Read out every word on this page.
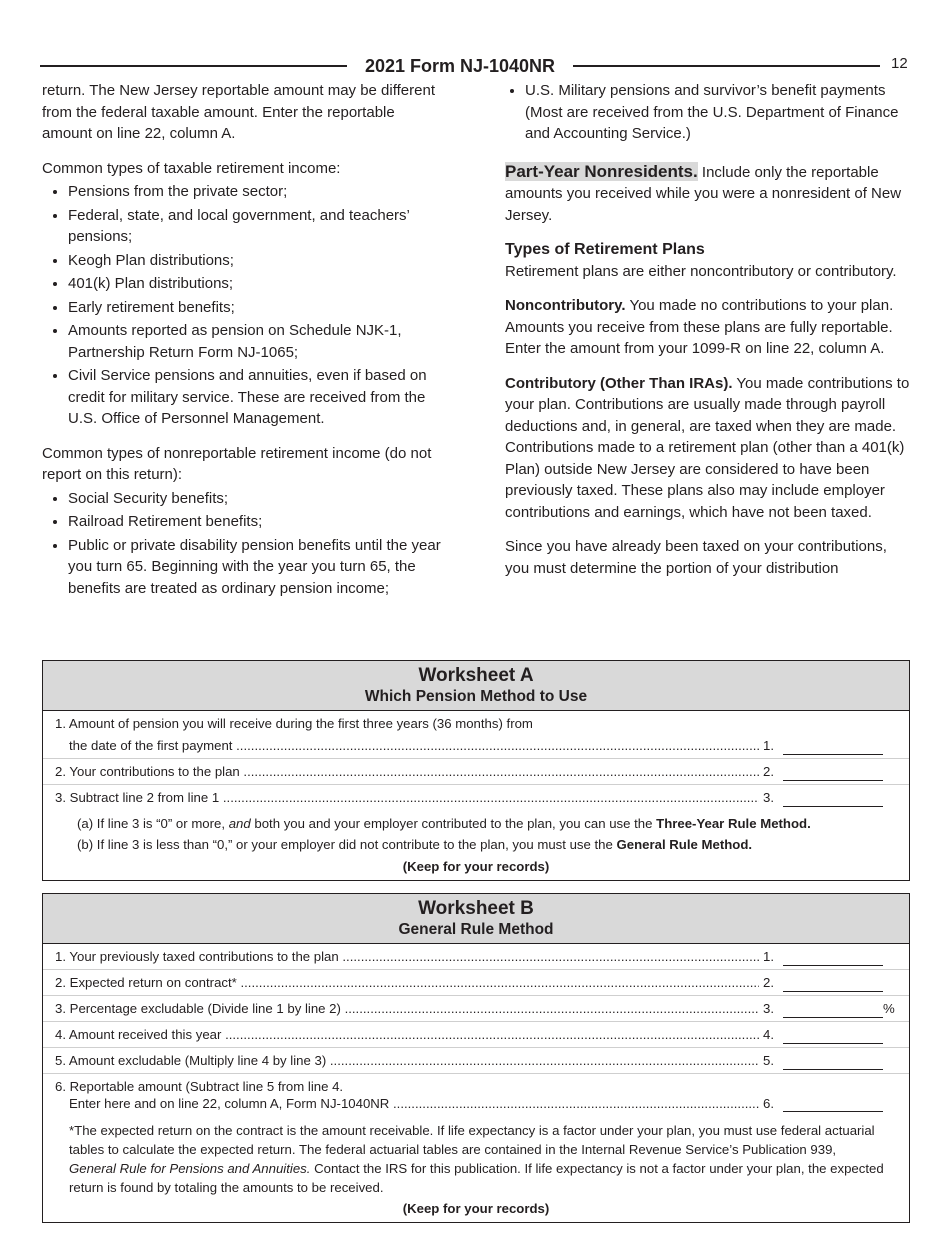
2021 Form NJ-1040NR	12

return. The New Jersey reportable amount may be different from the federal taxable amount. Enter the reportable amount on line 22, column A.

Common types of taxable retirement income:

• Pensions from the private sector;
• Federal, state, and local government, and teachers’ pensions;
• Keogh Plan distributions;
• 401(k) Plan distributions;
• Early retirement benefits;
• Amounts reported as pension on Schedule NJK-1, Partnership Return Form NJ-1065;
• Civil Service pensions and annuities, even if based on credit for military service. These are received from the U.S. Office of Personnel Management.

Common types of nonreportable retirement income (do not report on this return):

• Social Security benefits;
• Railroad Retirement benefits;
• Public or private disability pension benefits until the year you turn 65. Beginning with the year you turn 65, the benefits are treated as ordinary pension income;
• U.S. Military pensions and survivor’s benefit payments (Most are received from the U.S. Department of Finance and Accounting Service.)

Part-Year Nonresidents. Include only the reportable amounts you received while you were a nonresident of New Jersey.

Types of Retirement Plans
Retirement plans are either noncontributory or contributory.

Noncontributory. You made no contributions to your plan. Amounts you receive from these plans are fully reportable. Enter the amount from your 1099-R on line 22, column A.

Contributory (Other Than IRAs). You made contributions to your plan. Contributions are usually made through payroll deductions and, in general, are taxed when they are made. Contributions made to a retirement plan (other than a 401(k) Plan) outside New Jersey are considered to have been previously taxed. These plans also may include employer contributions and earnings, which have not been taxed.

Since you have already been taxed on your contributions, you must determine the portion of your distribution

Worksheet A
Which Pension Method to Use
1. Amount of pension you will receive during the first three years (36 months) from
the date of the first payment .....	1.
2. Your contributions to the plan .....	2.
3. Subtract line 2 from line 1 .....	3.
(a) If line 3 is “0” or more, and both you and your employer contributed to the plan, you can use the Three-Year Rule Method.
(b) If line 3 is less than “0,” or your employer did not contribute to the plan, you must use the General Rule Method.
(Keep for your records)
Worksheet B
General Rule Method
1. Your previously taxed contributions to the plan .....	1.
2. Expected return on contract* .....	2.
3. Percentage excludable (Divide line 1 by line 2) .....	3.	%
4. Amount received this year .....	4.
5. Amount excludable (Multiply line 4 by line 3) .....	5.
6. Reportable amount (Subtract line 5 from line 4.
Enter here and on line 22, column A, Form NJ-1040NR .....	6.
*The expected return on the contract is the amount receivable. If life expectancy is a factor under your plan, you must use federal actuarial tables to calculate the expected return. The federal actuarial tables are contained in the Internal Revenue Service’s Publication 939, General Rule for Pensions and Annuities. Contact the IRS for this publication. If life expectancy is not a factor under your plan, the expected return is found by totaling the amounts to be received.
(Keep for your records)
